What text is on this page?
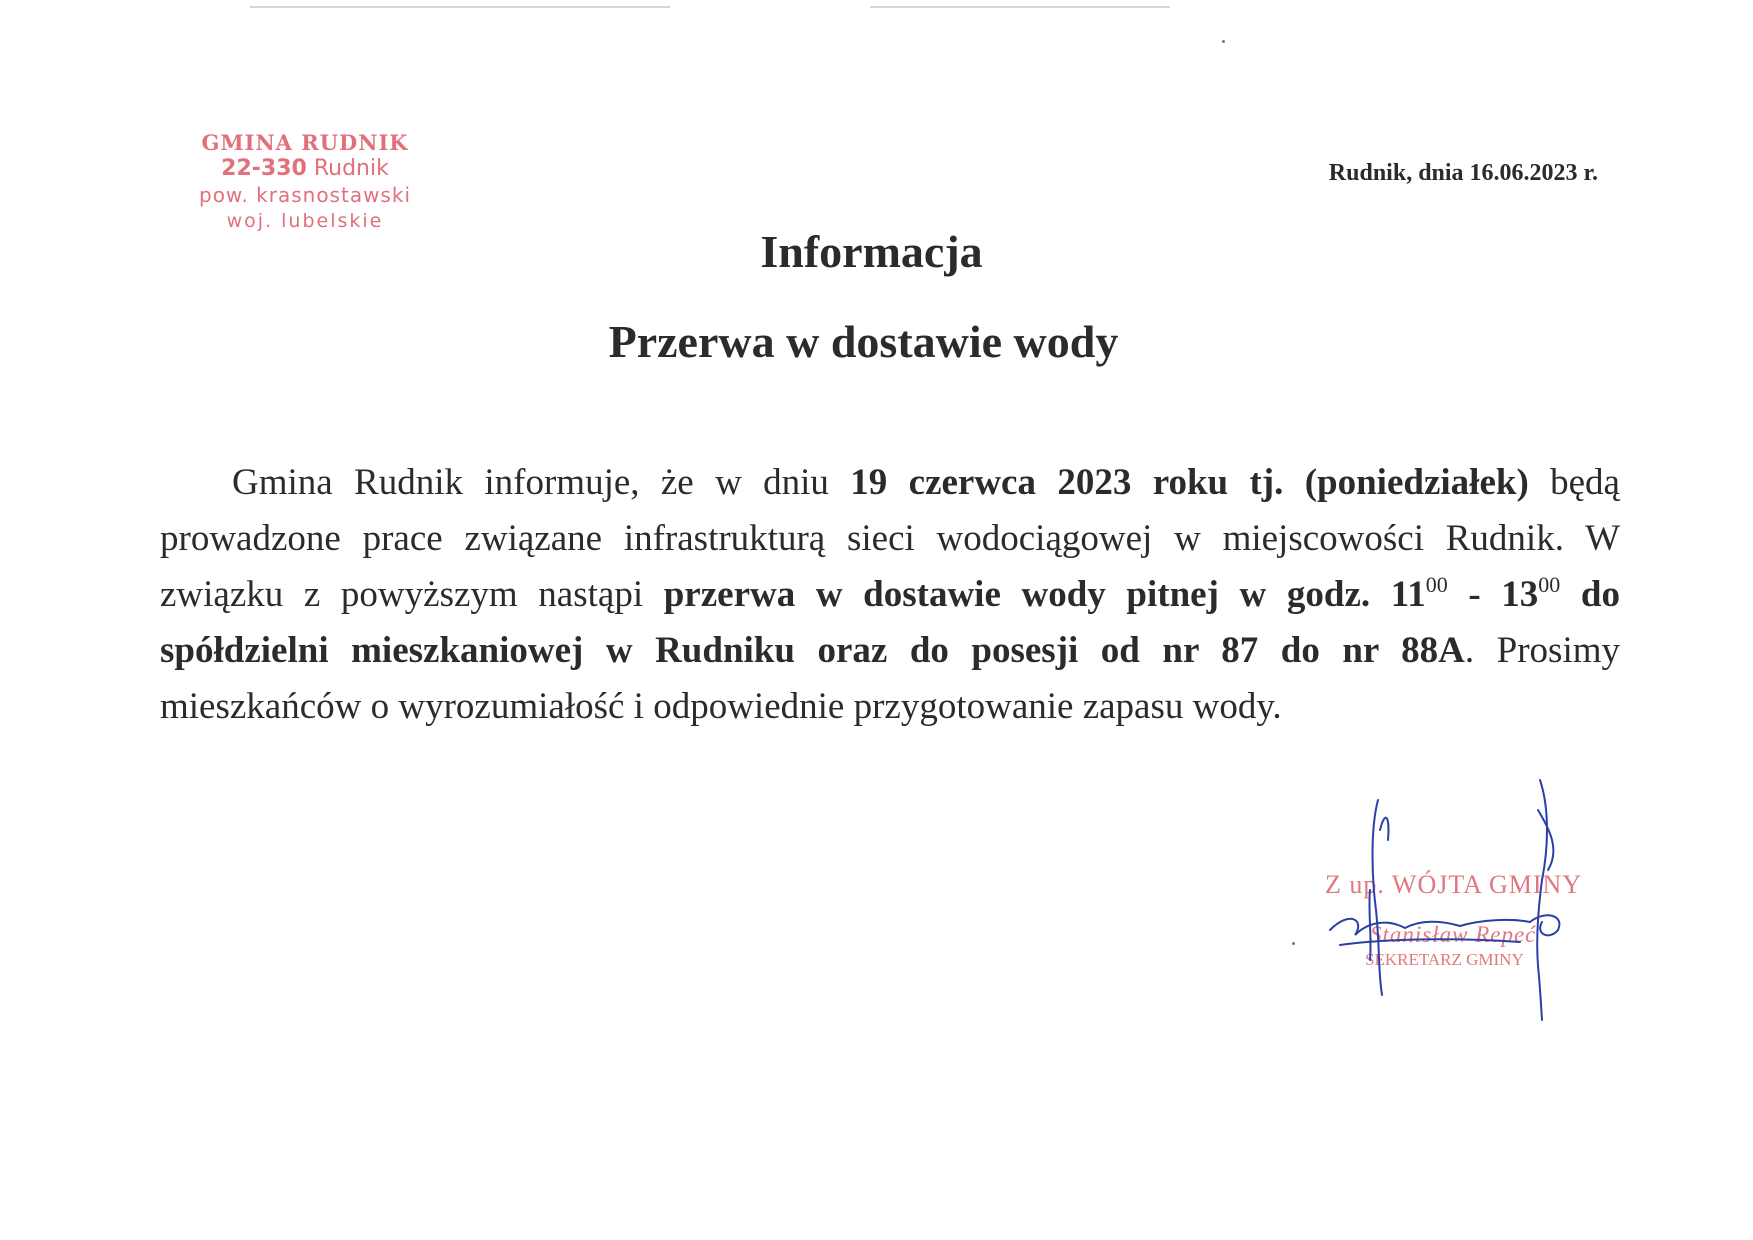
GMINA RUDNIK
22-330 Rudnik
pow. krasnostawski
woj. lubelskie
Rudnik, dnia 16.06.2023 r.
Informacja
Przerwa w dostawie wody
Gmina Rudnik informuje, że w dniu 19 czerwca 2023 roku tj. (poniedziałek) będą prowadzone prace związane infrastrukturą sieci wodociągowej w miejscowości Rudnik. W związku z powyższym nastąpi przerwa w dostawie wody pitnej w godz. $11^{00} - 13^{00}$ do spółdzielni mieszkaniowej w Rudniku oraz do posesji od nr 87 do nr 88A. Prosimy mieszkańców o wyrozumiałość i odpowiednie przygotowanie zapasu wody.
Z up. WÓJTA GMINY
Stanisław Repeć
SEKRETARZ GMINY
